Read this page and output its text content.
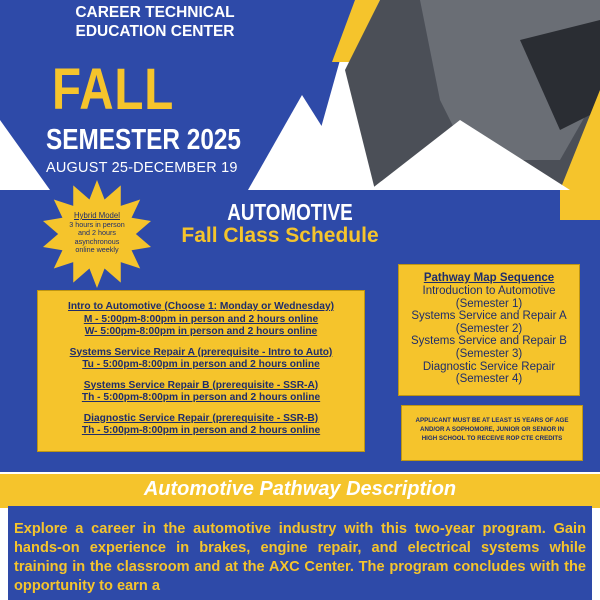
CAREER TECHNICAL
EDUCATION CENTER
FALL
SEMESTER 2025
AUGUST 25-DECEMBER 19
Hybrid Model
3 hours in person
and 2 hours
asynchronous
online weekly
AUTOMOTIVE
Fall Class Schedule
Intro to Automotive (Choose 1: Monday or Wednesday)
M - 5:00pm-8:00pm in person and 2 hours online
W- 5:00pm-8:00pm in person and 2 hours online
Systems Service Repair A (prerequisite - Intro to Auto)
Tu - 5:00pm-8:00pm in person and 2 hours online
Systems Service Repair B (prerequisite - SSR-A)
Th - 5:00pm-8:00pm in person and 2 hours online
Diagnostic Service Repair (prerequisite - SSR-B)
Th - 5:00pm-8:00pm in person and 2 hours online
Pathway Map Sequence
Introduction to Automotive
(Semester 1)
Systems Service and Repair A
(Semester 2)
Systems Service and Repair B
(Semester 3)
Diagnostic Service Repair
(Semester 4)
APPLICANT MUST BE AT LEAST 15 YEARS OF AGE
AND/OR A SOPHOMORE, JUNIOR OR SENIOR IN
HIGH SCHOOL TO RECEIVE ROP CTE CREDITS
Automotive Pathway Description
Explore a career in the automotive industry with this two-year program. Gain hands-on experience in brakes, engine repair, and electrical systems while training in the classroom and at the AXC Center. The program concludes with the opportunity to earn a
